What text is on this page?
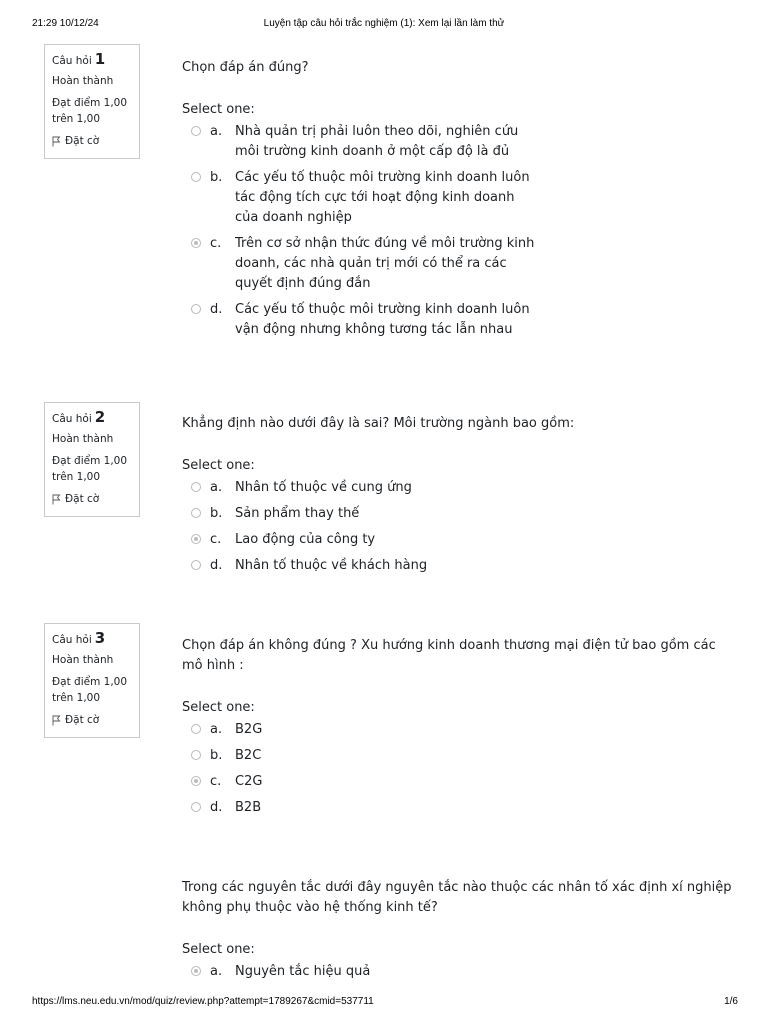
21:29 10/12/24	Luyện tập câu hỏi trắc nghiệm (1): Xem lại lần làm thử
Câu hỏi 1
Hoàn thành
Đạt điểm 1,00 trên 1,00
Đặt cờ

Chọn đáp án đúng?

Select one:
a. Nhà quản trị phải luôn theo dõi, nghiên cứu môi trường kinh doanh ở một cấp độ là đủ
b. Các yếu tố thuộc môi trường kinh doanh luôn tác động tích cực tới hoạt động kinh doanh của doanh nghiệp
c.	Trên cơ sở nhận thức đúng về môi trường kinh doanh, các nhà quản trị mới có thể ra các quyết định đúng đắn
d. Các yếu tố thuộc môi trường kinh doanh luôn vận động nhưng không tương tác lẫn nhau
Câu hỏi 2
Hoàn thành
Đạt điểm 1,00 trên 1,00
Đặt cờ

Khẳng định nào dưới đây là sai? Môi trường ngành bao gồm:

Select one:
a. Nhân tố thuộc về cung ứng
b. Sản phẩm thay thế
c.	Lao động của công ty
d. Nhân tố thuộc về khách hàng
Câu hỏi 3
Hoàn thành
Đạt điểm 1,00 trên 1,00
Đặt cờ

Chọn đáp án không đúng ? Xu hướng kinh doanh thương mại điện tử bao gồm các mô hình :

Select one:
a. B2G
b. B2C
c.	C2G
d. B2B

Trong các nguyên tắc dưới đây nguyên tắc nào thuộc các nhân tố xác định xí nghiệp không phụ thuộc vào hệ thống kinh tế?

Select one:
a. Nguyên tắc hiệu quả
https://lms.neu.edu.vn/mod/quiz/review.php?attempt=1789267&cmid=537711	1/6
